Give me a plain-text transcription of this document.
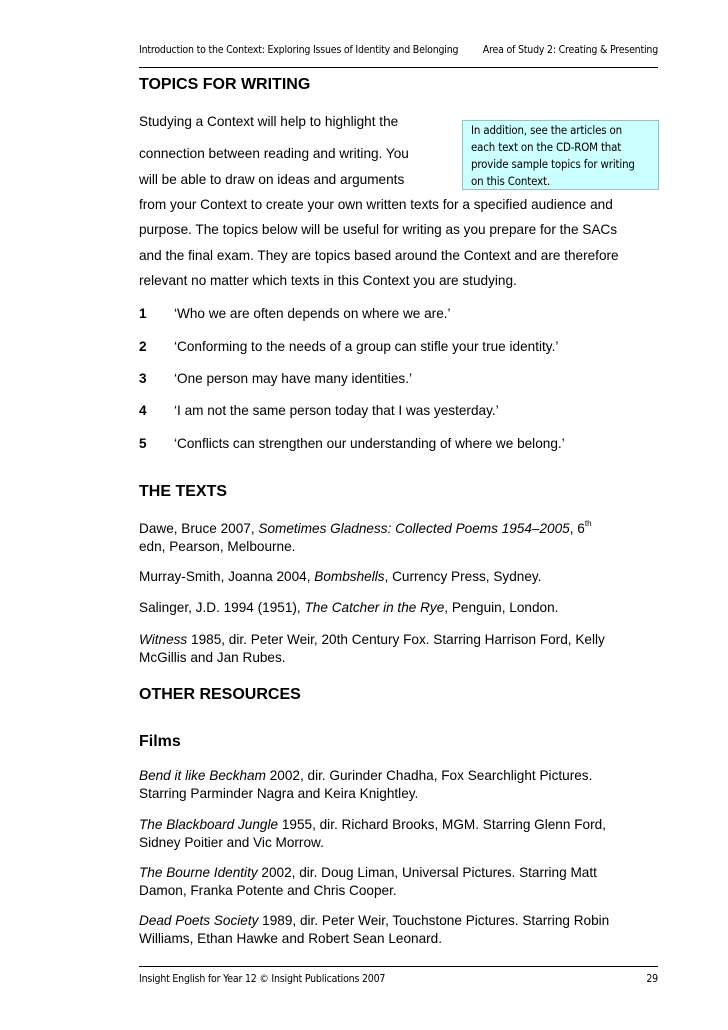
Introduction to the Context: Exploring Issues of Identity and Belonging Area of Study 2: Creating & Presenting
TOPICS FOR WRITING
Studying a Context will help to highlight the
connection between reading and writing. You
will be able to draw on ideas and arguments
from your Context to create your own written texts for a specified audience and
purpose. The topics below will be useful for writing as you prepare for the SACs
and the final exam. They are topics based around the Context and are therefore
relevant no matter which texts in this Context you are studying.
In addition, see the articles on
each text on the CD-ROM that
provide sample topics for writing
on this Context.
1 ‘Who we are often depends on where we are.’
2 ‘Conforming to the needs of a group can stifle your true identity.’
3 ‘One person may have many identities.’
4 ‘I am not the same person today that I was yesterday.’
5 ‘Conflicts can strengthen our understanding of where we belong.’
THE TEXTS
Dawe, Bruce 2007, Sometimes Gladness: Collected Poems 1954–2005, 6th
edn, Pearson, Melbourne.
Murray-Smith, Joanna 2004, Bombshells, Currency Press, Sydney.
Salinger, J.D. 1994 (1951), The Catcher in the Rye, Penguin, London.
Witness 1985, dir. Peter Weir, 20th Century Fox. Starring Harrison Ford, Kelly
McGillis and Jan Rubes.
OTHER RESOURCES
Films
Bend it like Beckham 2002, dir. Gurinder Chadha, Fox Searchlight Pictures.
Starring Parminder Nagra and Keira Knightley.
The Blackboard Jungle 1955, dir. Richard Brooks, MGM. Starring Glenn Ford,
Sidney Poitier and Vic Morrow.
The Bourne Identity 2002, dir. Doug Liman, Universal Pictures. Starring Matt
Damon, Franka Potente and Chris Cooper.
Dead Poets Society 1989, dir. Peter Weir, Touchstone Pictures. Starring Robin
Williams, Ethan Hawke and Robert Sean Leonard.
Insight English for Year 12 © Insight Publications 2007	29
